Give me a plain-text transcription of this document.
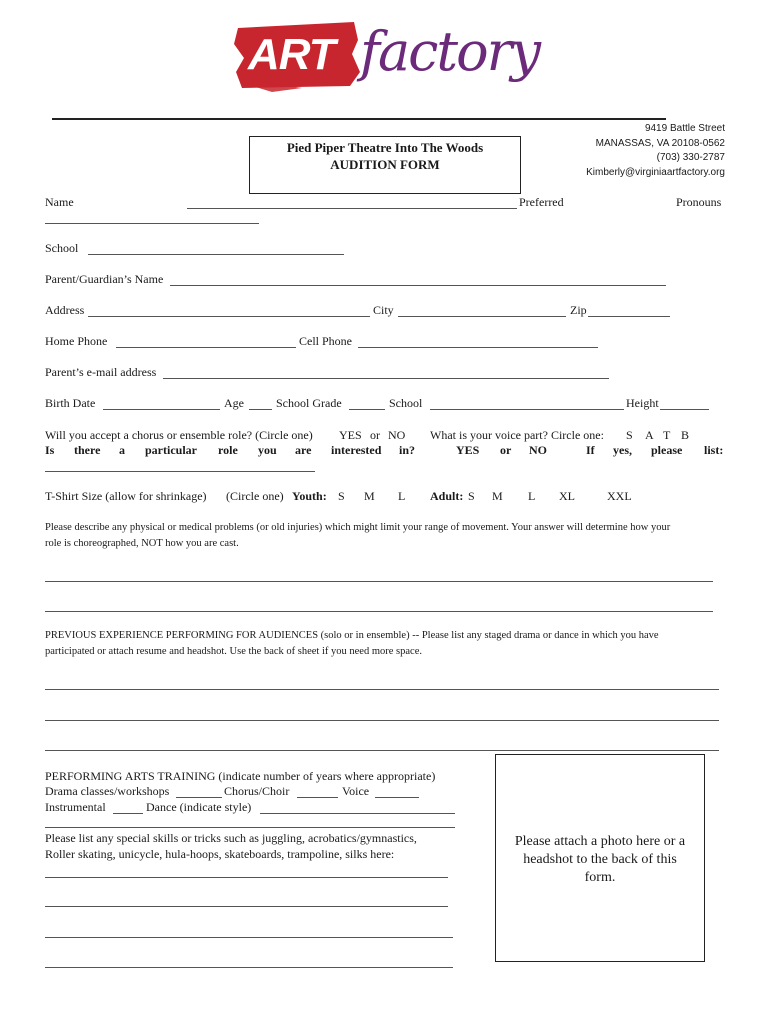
ART factory
9419 Battle Street
MANASSAS, VA 20108-0562
(703) 330-2787
Kimberly@virginiaartfactory.org
Pied Piper Theatre Into The Woods
AUDITION FORM
Name	Preferred	Pronouns
School
Parent/Guardian’s Name
Address	City	Zip
Home Phone	Cell Phone
Parent’s e-mail address
Birth Date	Age	School Grade	School	Height
Will you accept a chorus or ensemble role? (Circle one) YES or NO What is your voice part? Circle one: S A T B
Is there a particular role you are interested in?	YES or NO	If yes, please list:
T-Shirt Size (allow for shrinkage) (Circle one) Youth: S M L Adult: S M L XL	XXL
Please describe any physical or medical problems (or old injuries) which might limit your range of movement. Your answer will determine how your
role is choreographed, NOT how you are cast.
PREVIOUS EXPERIENCE PERFORMING FOR AUDIENCES (solo or in ensemble) -- Please list any staged drama or dance in which you have
participated or attach resume and headshot. Use the back of sheet if you need more space.
PERFORMING ARTS TRAINING (indicate number of years where appropriate)
Drama classes/workshops	Chorus/Choir	Voice
Instrumental	Dance (indicate style)
Please list any special skills or tricks such as juggling, acrobatics/gymnastics,
Roller skating, unicycle, hula-hoops, skateboards, trampoline, silks here:
Please attach a photo here or a
headshot to the back of this
form.
